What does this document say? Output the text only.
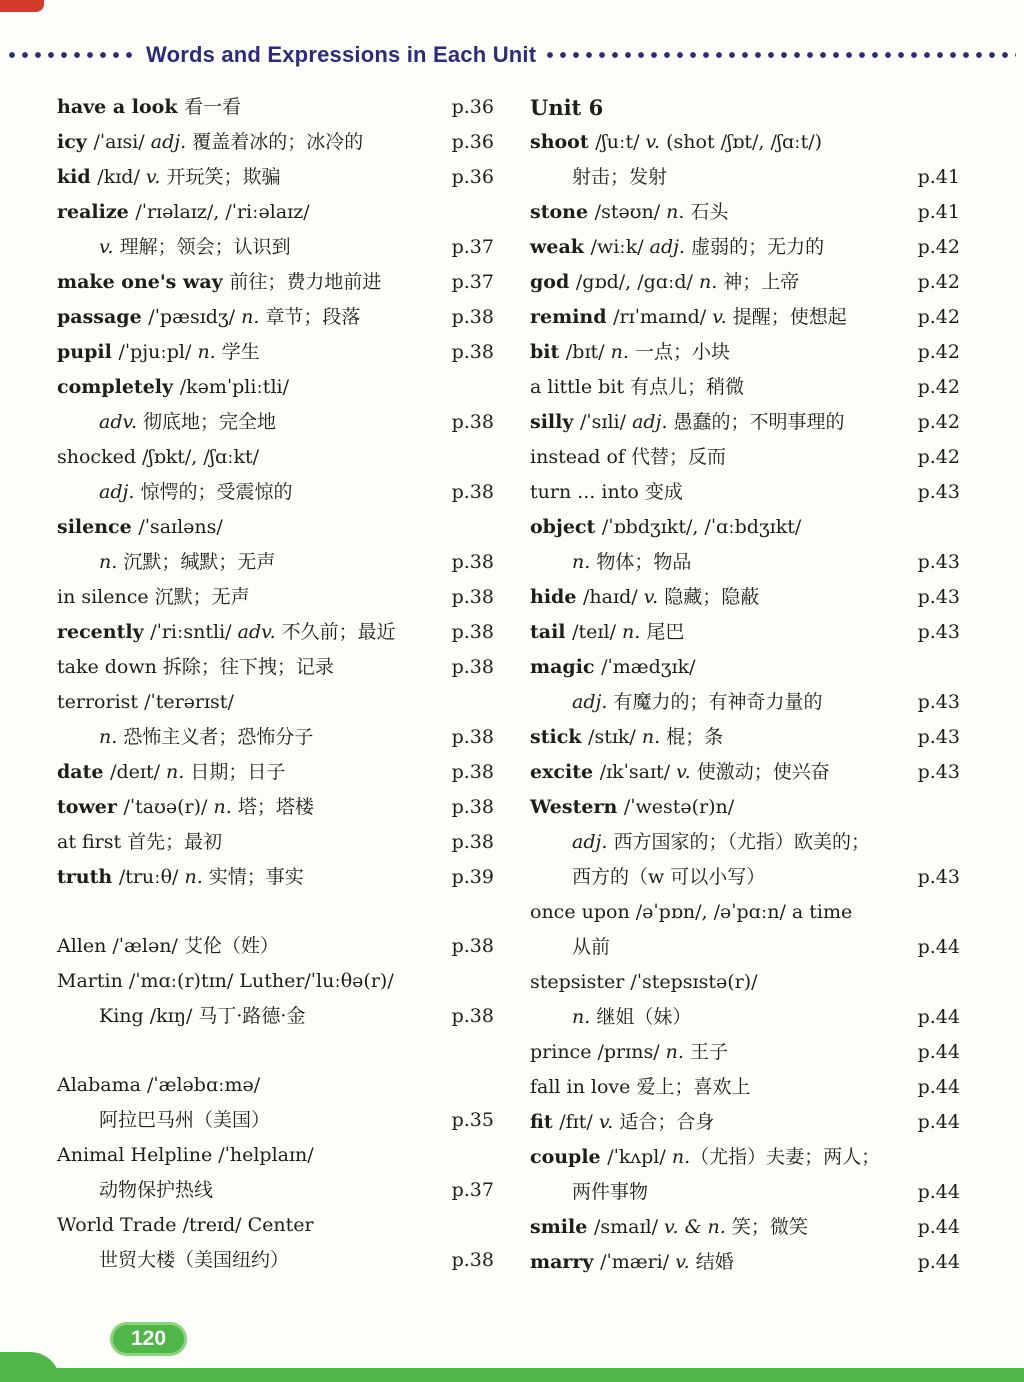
Words and Expressions in Each Unit
have a look 看一看	p.36
icy /ˈaɪsi/ adj. 覆盖着冰的；冰冷的	p.36
kid /kɪd/ v. 开玩笑；欺骗	p.36
realize /ˈrɪəlaɪz/, /ˈriːəlaɪz/
v. 理解；领会；认识到	p.37
make one's way 前往；费力地前进	p.37
passage /ˈpæsɪdʒ/ n. 章节；段落	p.38
pupil /ˈpjuːpl/ n. 学生	p.38
completely /kəmˈpliːtli/
adv. 彻底地；完全地	p.38
shocked /ʃɒkt/, /ʃɑːkt/
adj. 惊愕的；受震惊的	p.38
silence /ˈsaɪləns/
n. 沉默；缄默；无声	p.38
in silence 沉默；无声	p.38
recently /ˈriːsntli/ adv. 不久前；最近	p.38
take down 拆除；往下拽；记录	p.38
terrorist /ˈterərɪst/
n. 恐怖主义者；恐怖分子	p.38
date /deɪt/ n. 日期；日子	p.38
tower /ˈtaʊə(r)/ n. 塔；塔楼	p.38
at first 首先；最初	p.38
truth /truːθ/ n. 实情；事实	p.39
Allen /ˈælən/ 艾伦（姓）	p.38
Martin /ˈmɑː(r)tɪn/ Luther/ˈluːθə(r)/
King /kɪŋ/ 马丁·路德·金	p.38
Alabama /ˈæləbɑːmə/
阿拉巴马州（美国）	p.35
Animal Helpline /ˈhelplaɪn/
动物保护热线	p.37
World Trade /treɪd/ Center
世贸大楼（美国纽约）	p.38
Unit 6
shoot /ʃuːt/ v. (shot /ʃɒt/, /ʃɑːt/)
射击；发射	p.41
stone /stəʊn/ n. 石头	p.41
weak /wiːk/ adj. 虚弱的；无力的	p.42
god /gɒd/, /gɑːd/ n. 神；上帝	p.42
remind /rɪˈmaɪnd/ v. 提醒；使想起	p.42
bit /bɪt/ n. 一点；小块	p.42
a little bit 有点儿；稍微	p.42
silly /ˈsɪli/ adj. 愚蠢的；不明事理的	p.42
instead of 代替；反而	p.42
turn ... into 变成	p.43
object /ˈɒbdʒɪkt/, /ˈɑːbdʒɪkt/
n. 物体；物品	p.43
hide /haɪd/ v. 隐藏；隐蔽	p.43
tail /teɪl/ n. 尾巴	p.43
magic /ˈmædʒɪk/
adj. 有魔力的；有神奇力量的	p.43
stick /stɪk/ n. 棍；条	p.43
excite /ɪkˈsaɪt/ v. 使激动；使兴奋	p.43
Western /ˈwestə(r)n/
adj. 西方国家的；（尤指）欧美的；
西方的（w 可以小写）	p.43
once upon /əˈpɒn/, /əˈpɑːn/ a time
从前	p.44
stepsister /ˈstepsɪstə(r)/
n. 继姐（妹）	p.44
prince /prɪns/ n. 王子	p.44
fall in love 爱上；喜欢上	p.44
fit /fɪt/ v. 适合；合身	p.44
couple /ˈkʌpl/ n.（尤指）夫妻；两人；
两件事物	p.44
smile /smaɪl/ v. & n. 笑；微笑	p.44
marry /ˈmæri/ v. 结婚	p.44
120
